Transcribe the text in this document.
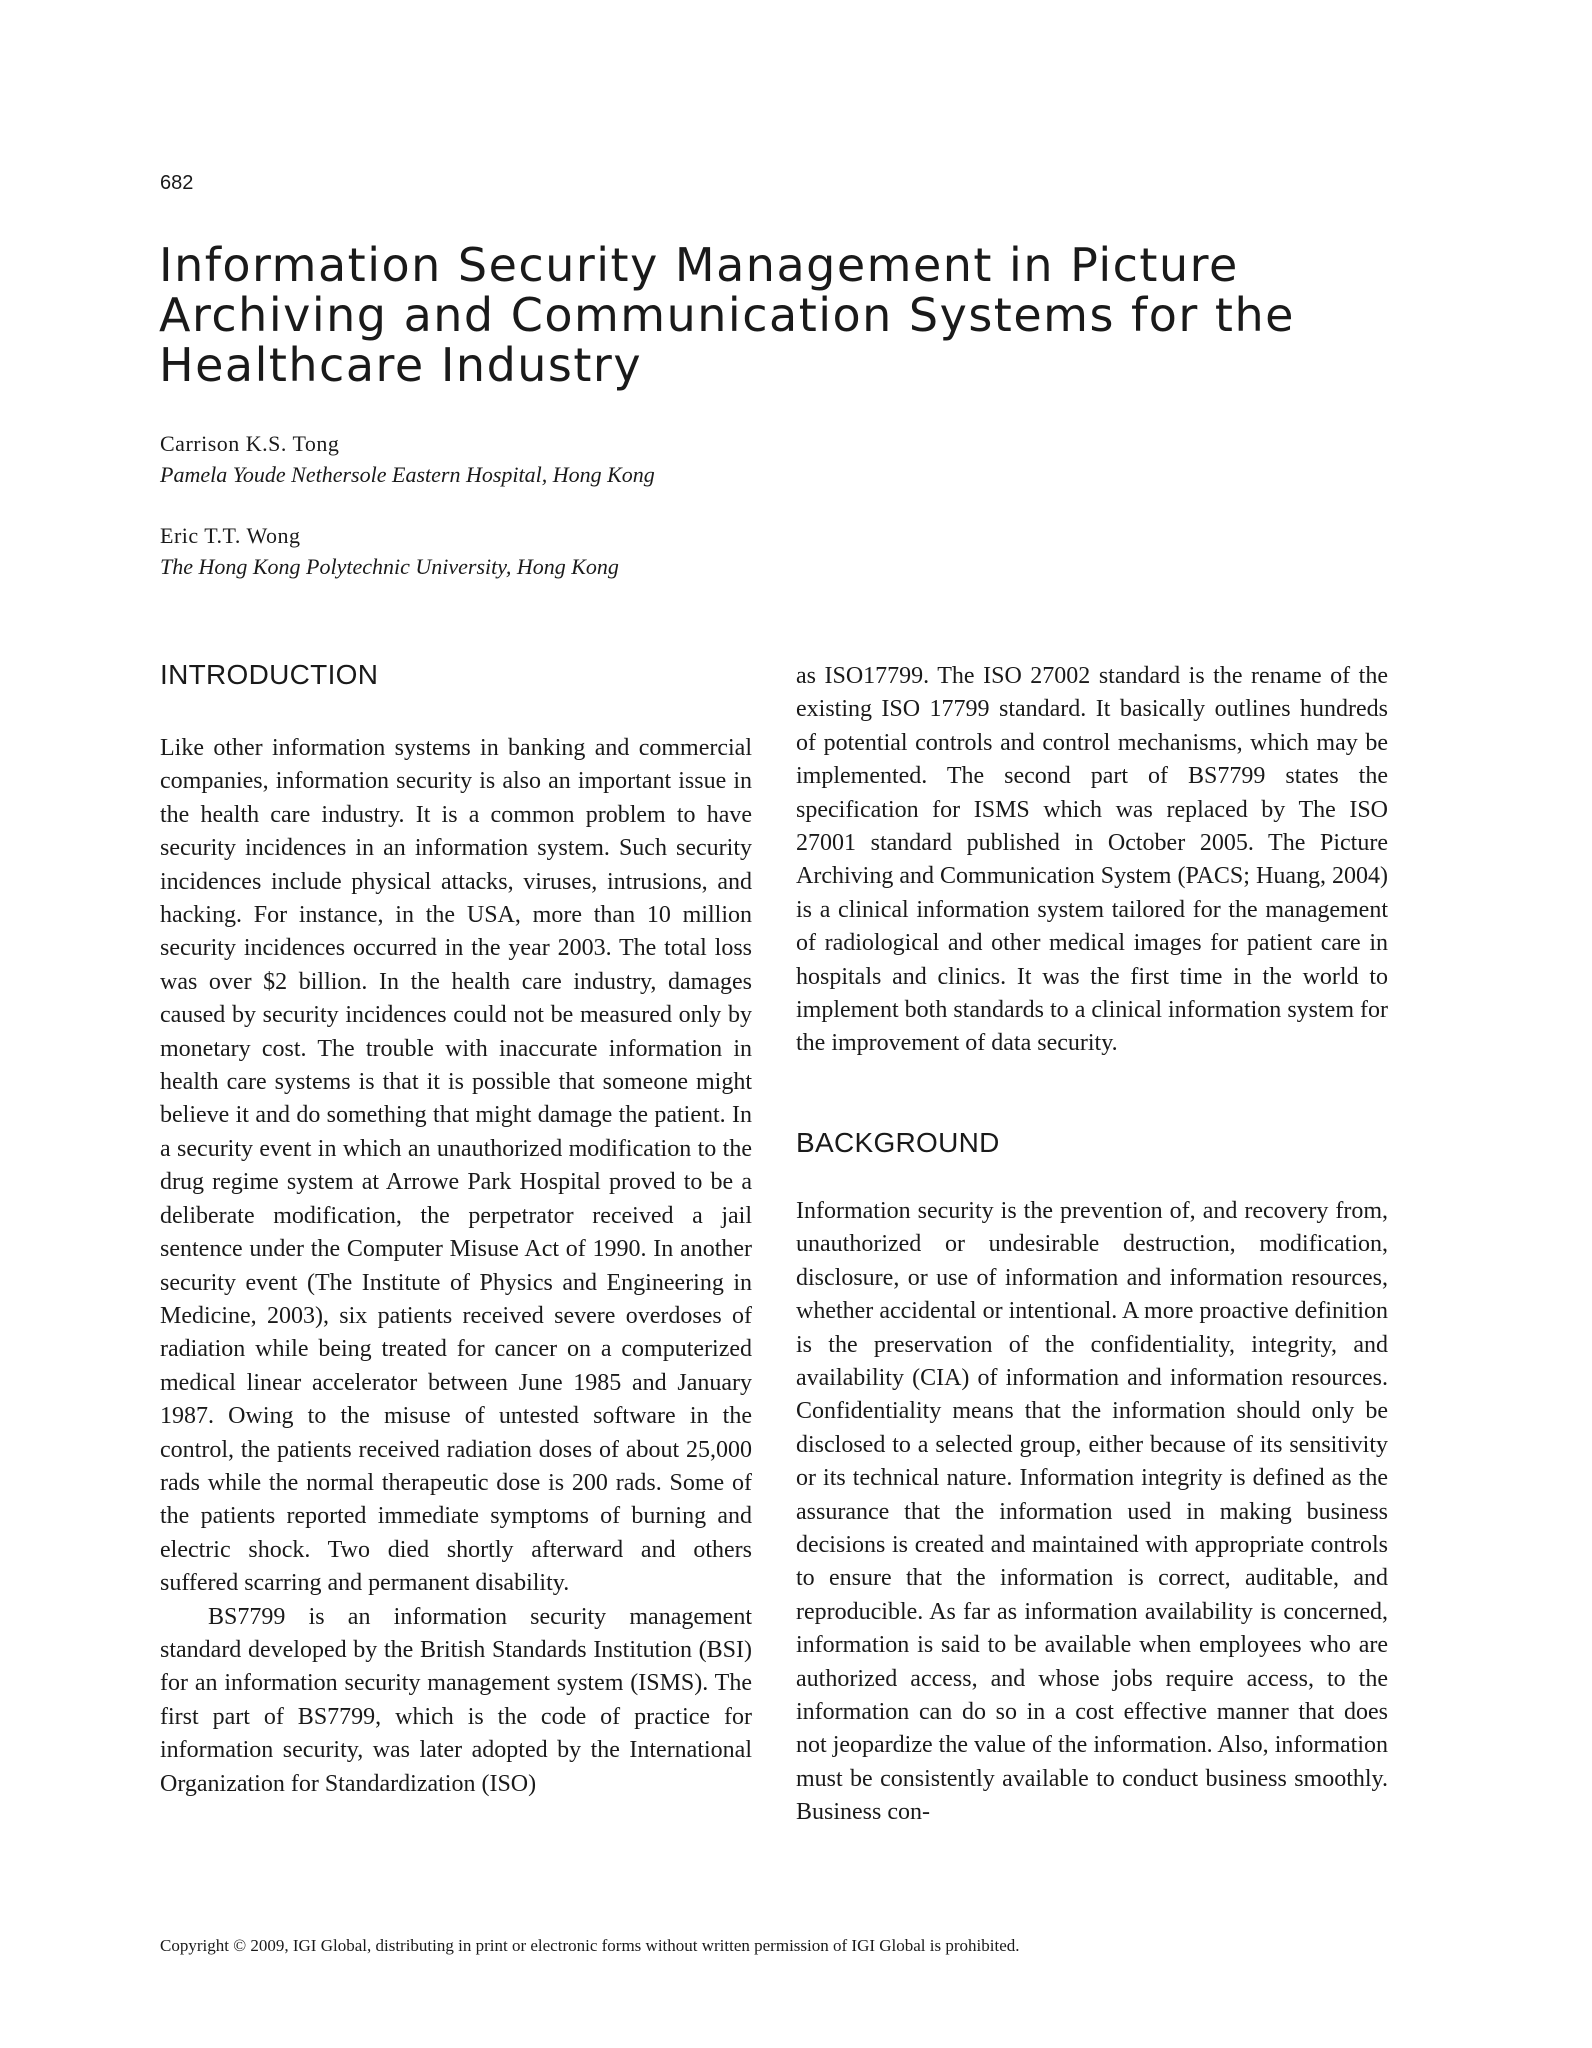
682
Information Security Management in Picture Archiving and Communication Systems for the Healthcare Industry
Carrison K.S. Tong
Pamela Youde Nethersole Eastern Hospital, Hong Kong
Eric T.T. Wong
The Hong Kong Polytechnic University, Hong Kong
INTRODUCTION

Like other information systems in banking and commercial companies, information security is also an important issue in the health care industry. It is a common problem to have security incidences in an information system. Such security incidences include physical attacks, viruses, intrusions, and hacking. For instance, in the USA, more than 10 million security incidences occurred in the year 2003. The total loss was over $2 billion. In the health care industry, damages caused by security incidences could not be measured only by monetary cost. The trouble with inaccurate information in health care systems is that it is possible that someone might believe it and do something that might damage the patient. In a security event in which an unauthorized modification to the drug regime system at Arrowe Park Hospital proved to be a deliberate modification, the perpetrator received a jail sentence under the Computer Misuse Act of 1990. In another security event (The Institute of Physics and Engineering in Medicine, 2003), six patients received severe overdoses of radiation while being treated for cancer on a computerized medical linear accelerator between June 1985 and January 1987. Owing to the misuse of untested software in the control, the patients received radiation doses of about 25,000 rads while the normal therapeutic dose is 200 rads. Some of the patients reported immediate symptoms of burning and electric shock. Two died shortly afterward and others suffered scarring and permanent disability.

BS7799 is an information security management standard developed by the British Standards Institution (BSI) for an information security management system (ISMS). The first part of BS7799, which is the code of practice for information security, was later adopted by the International Organization for Standardization (ISO)

as ISO17799. The ISO 27002 standard is the rename of the existing ISO 17799 standard. It basically outlines hundreds of potential controls and control mechanisms, which may be implemented. The second part of BS7799 states the specification for ISMS which was replaced by The ISO 27001 standard published in October 2005. The Picture Archiving and Communication System (PACS; Huang, 2004) is a clinical information system tailored for the management of radiological and other medical images for patient care in hospitals and clinics. It was the first time in the world to implement both standards to a clinical information system for the improvement of data security.

BACKGROUND

Information security is the prevention of, and recovery from, unauthorized or undesirable destruction, modification, disclosure, or use of information and information resources, whether accidental or intentional. A more proactive definition is the preservation of the confidentiality, integrity, and availability (CIA) of information and information resources. Confidentiality means that the information should only be disclosed to a selected group, either because of its sensitivity or its technical nature. Information integrity is defined as the assurance that the information used in making business decisions is created and maintained with appropriate controls to ensure that the information is correct, auditable, and reproducible. As far as information availability is concerned, information is said to be available when employees who are authorized access, and whose jobs require access, to the information can do so in a cost effective manner that does not jeopardize the value of the information. Also, information must be consistently available to conduct business smoothly. Business con-

Copyright © 2009, IGI Global, distributing in print or electronic forms without written permission of IGI Global is prohibited.
